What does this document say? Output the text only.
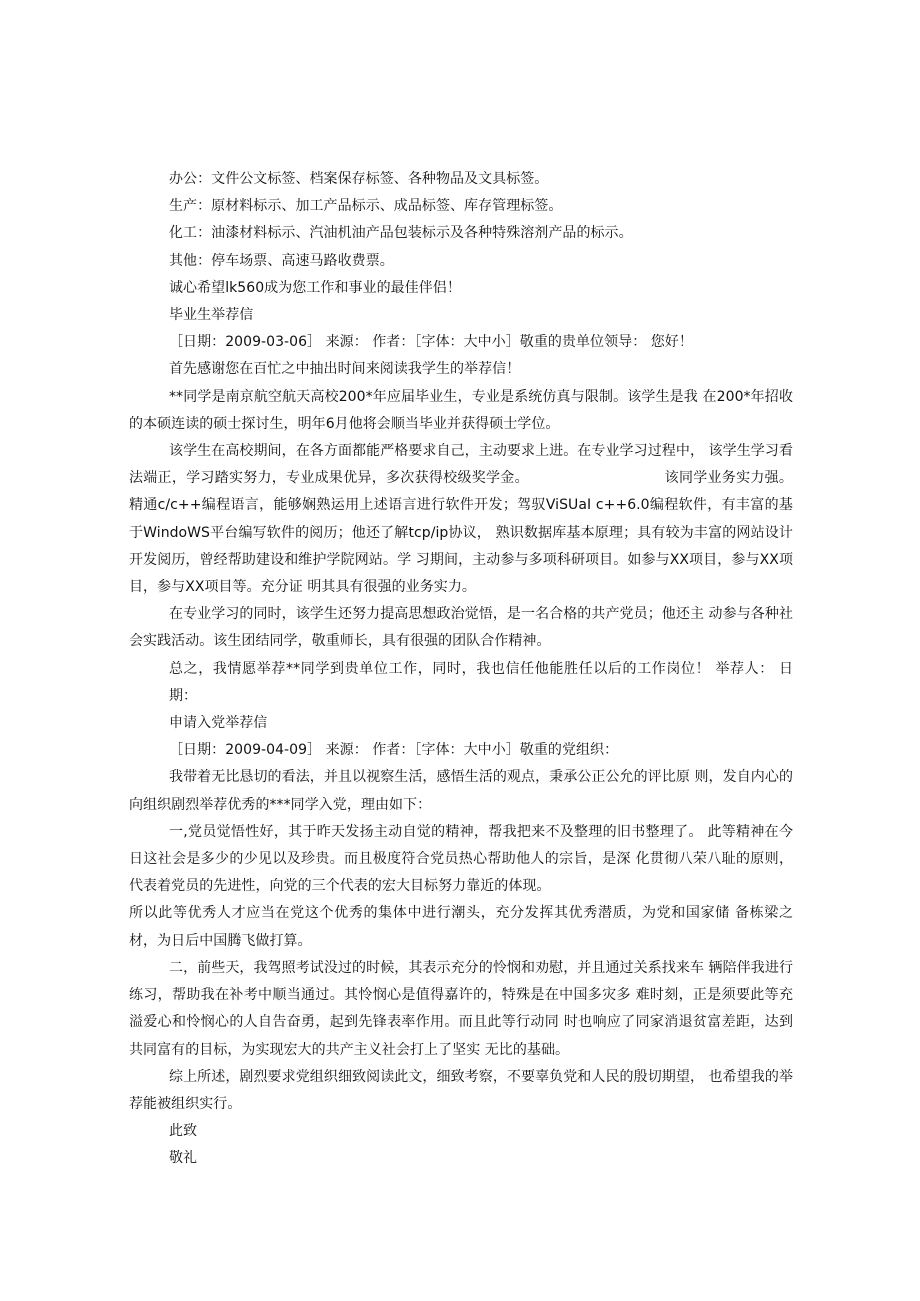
办公：文件公文标签、档案保存标签、各种物品及文具标签。

生产：原材料标示、加工产品标示、成品标签、库存管理标签。

化工：油漆材料标示、汽油机油产品包装标示及各种特殊溶剂产品的标示。

其他：停车场票、高速马路收费票。

诚心希望lk560成为您工作和事业的最佳伴侣！

毕业生举荐信

［日期：2009-03-06］ 来源： 作者：［字体：大中小］敬重的贵单位领导： 您好！

首先感谢您在百忙之中抽出时间来阅读我学生的举荐信！

**同学是南京航空航天高校200*年应届毕业生，专业是系统仿真与限制。该学生是我 在200*年招收的本硕连读的硕士探讨生，明年6月他将会顺当毕业并获得硕士学位。

该学生在高校期间，在各方面都能严格要求自己，主动要求上进。在专业学习过程中， 该学生学习看法端正，学习踏实努力，专业成果优异，多次获得校级奖学金。　　　　　　　　　　该同学业务实力强。精通c/c++编程语言，能够娴熟运用上述语言进行软件开发；驾驭ViSUaI c++6.0编程软件，有丰富的基于WindoWS平台编写软件的阅历；他还了解tcp/ip协议， 熟识数据库基本原理；具有较为丰富的网站设计开发阅历，曾经帮助建设和维护学院网站。学 习期间，主动参与多项科研项目。如参与XX项目，参与XX项目，参与XX项目等。充分证 明其具有很强的业务实力。

在专业学习的同时，该学生还努力提高思想政治觉悟，是一名合格的共产党员；他还主 动参与各种社会实践活动。该生团结同学，敬重师长，具有很强的团队合作精神。

总之，我情愿举荐**同学到贵单位工作，同时，我也信任他能胜任以后的工作岗位！ 举荐人： 日期：

申请入党举荐信

［日期：2009-04-09］ 来源： 作者：［字体：大中小］敬重的党组织：

我带着无比恳切的看法，并且以视察生活，感悟生活的观点，秉承公正公允的评比原 则，发自内心的向组织剧烈举荐优秀的***同学入党，理由如下：

一,党员觉悟性好，其于昨天发扬主动自觉的精神，帮我把来不及整理的旧书整理了。 此等精神在今日这社会是多少的少见以及珍贵。而且极度符合党员热心帮助他人的宗旨，是深 化贯彻八荣八耻的原则，代表着党员的先进性，向党的三个代表的宏大目标努力靠近的体现。

所以此等优秀人才应当在党这个优秀的集体中进行潮头，充分发挥其优秀潜质，为党和国家储 备栋梁之材，为日后中国腾飞做打算。

二，前些天，我驾照考试没过的时候，其表示充分的怜悯和劝慰，并且通过关系找来车 辆陪伴我进行练习，帮助我在补考中顺当通过。其怜悯心是值得嘉许的，特殊是在中国多灾多 难时刻，正是须要此等充溢爱心和怜悯心的人自告奋勇，起到先锋表率作用。而且此等行动同 时也响应了同家消退贫富差距，达到共同富有的目标，为实现宏大的共产主义社会打上了坚实 无比的基础。

综上所述，剧烈要求党组织细致阅读此文，细致考察，不要辜负党和人民的殷切期望， 也希望我的举荐能被组织实行。

此致

敬礼
